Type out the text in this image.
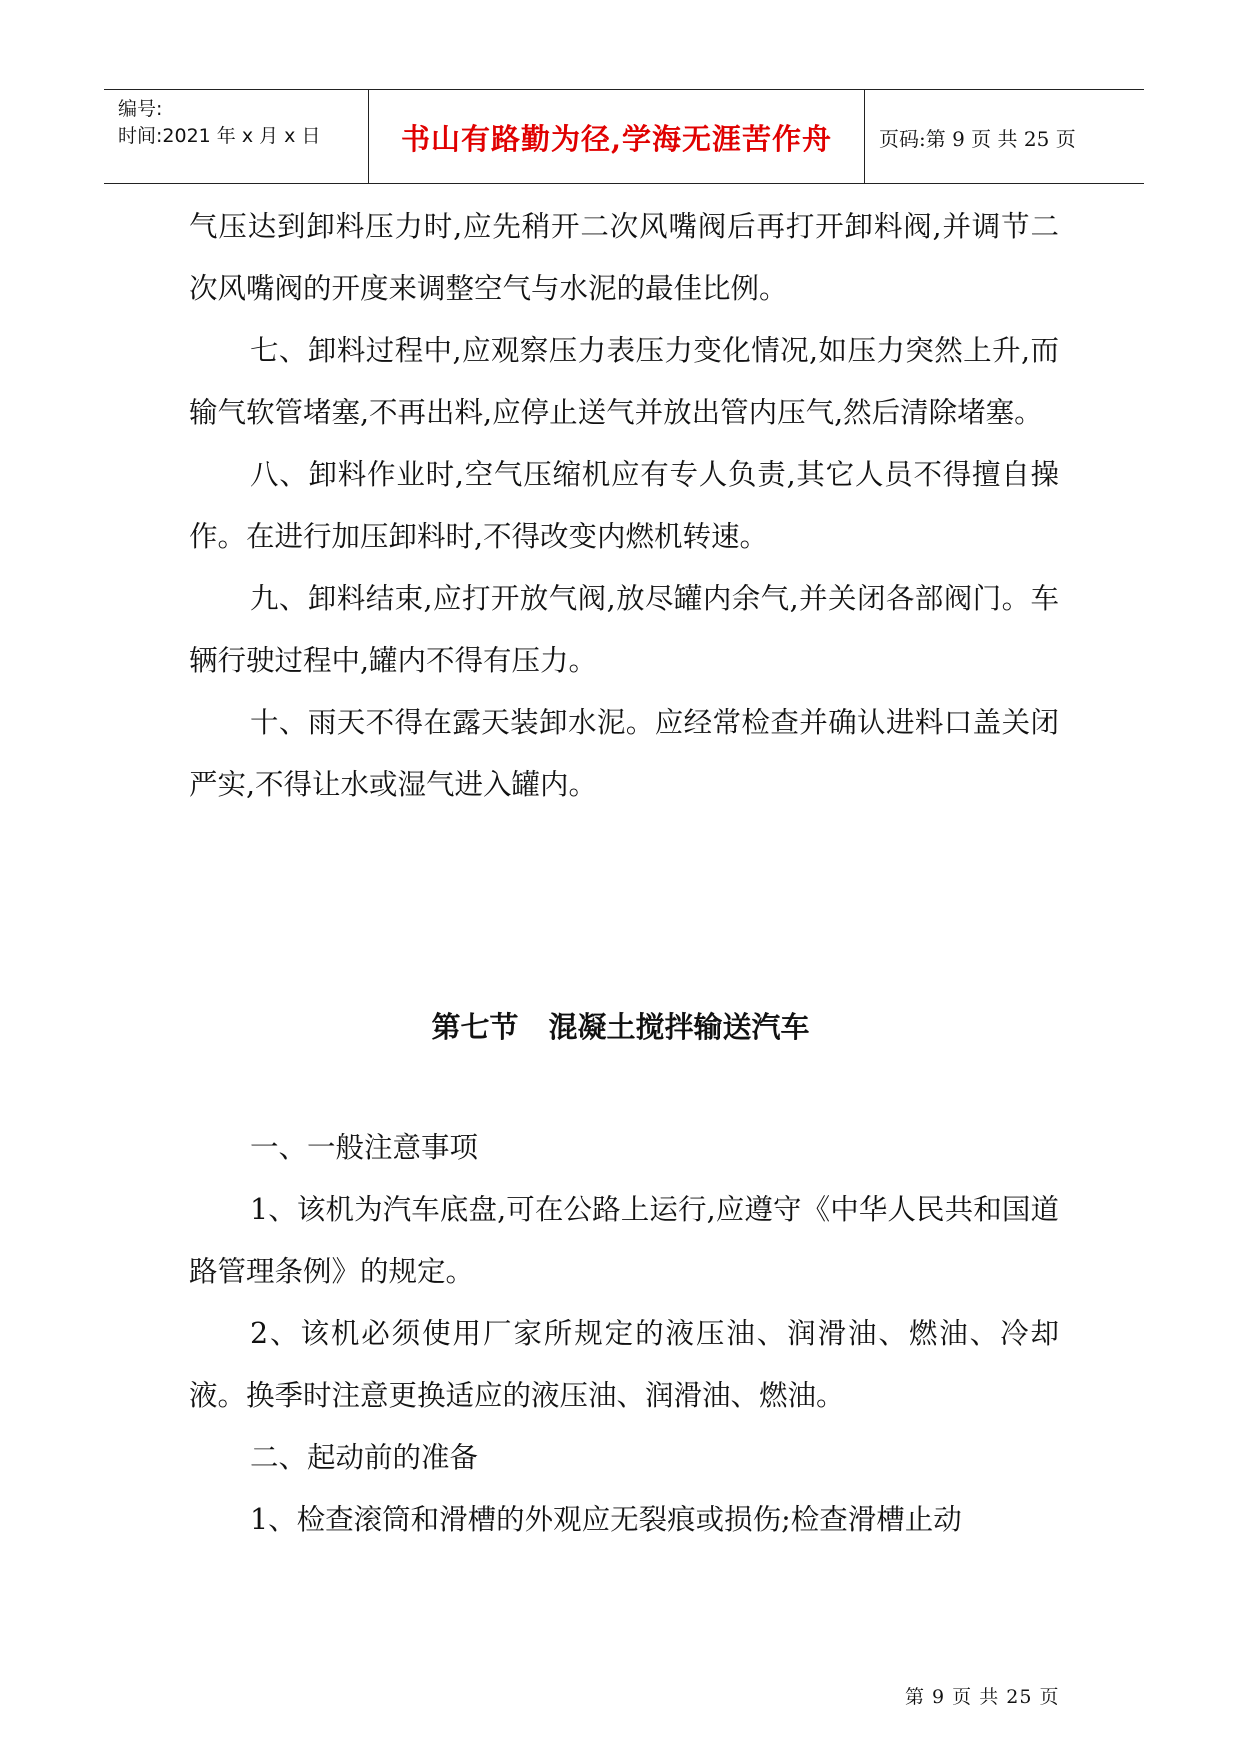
编号:
时间:2021 年 x 月 x 日	书山有路勤为径,学海无涯苦作舟	页码:第 9 页 共 25 页

气压达到卸料压力时,应先稍开二次风嘴阀后再打开卸料阀,并调节二次风嘴阀的开度来调整空气与水泥的最佳比例。

七、卸料过程中,应观察压力表压力变化情况,如压力突然上升,而输气软管堵塞,不再出料,应停止送气并放出管内压气,然后清除堵塞。

八、卸料作业时,空气压缩机应有专人负责,其它人员不得擅自操作。在进行加压卸料时,不得改变内燃机转速。

九、卸料结束,应打开放气阀,放尽罐内余气,并关闭各部阀门。车辆行驶过程中,罐内不得有压力。

十、雨天不得在露天装卸水泥。应经常检查并确认进料口盖关闭严实,不得让水或湿气进入罐内。

第七节 混凝土搅拌输送汽车

一、一般注意事项

1、该机为汽车底盘,可在公路上运行,应遵守《中华人民共和国道路管理条例》的规定。

2、该机必须使用厂家所规定的液压油、润滑油、燃油、冷却液。换季时注意更换适应的液压油、润滑油、燃油。

二、起动前的准备

1、检查滚筒和滑槽的外观应无裂痕或损伤;检查滑槽止动

第 9 页 共 25 页
